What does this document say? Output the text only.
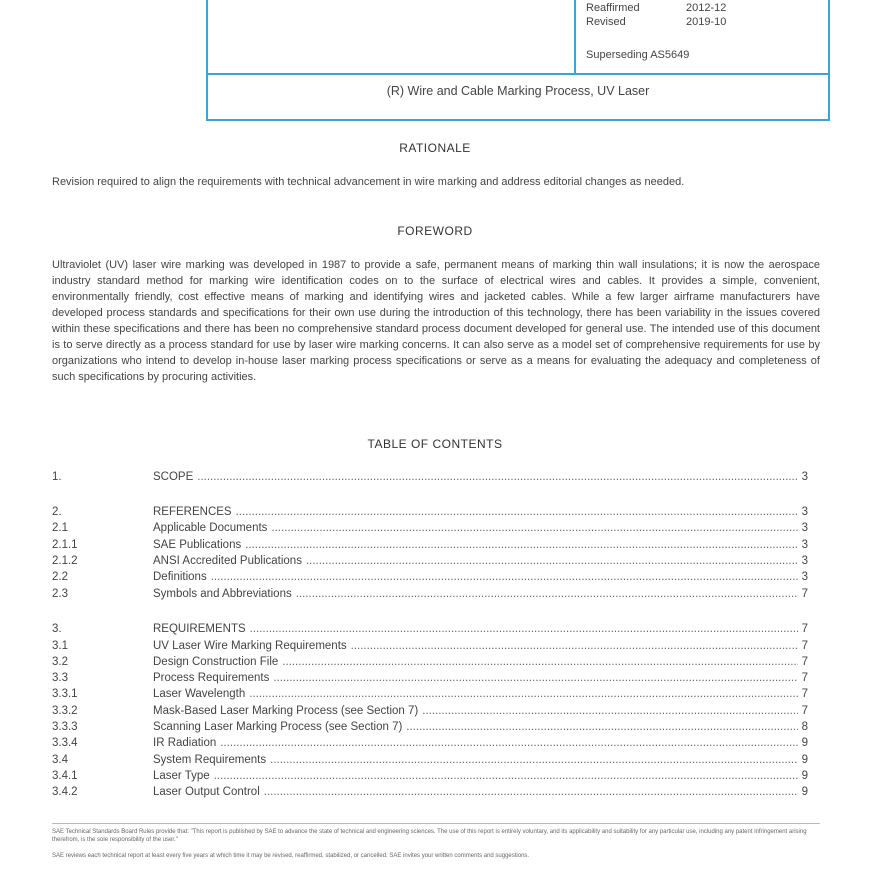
Reaffirmed	2012-12
Revised	2019-10
Superseding AS5649
(R) Wire and Cable Marking Process, UV Laser
RATIONALE
Revision required to align the requirements with technical advancement in wire marking and address editorial changes as needed.
FOREWORD
Ultraviolet (UV) laser wire marking was developed in 1987 to provide a safe, permanent means of marking thin wall insulations; it is now the aerospace industry standard method for marking wire identification codes on to the surface of electrical wires and cables. It provides a simple, convenient, environmentally friendly, cost effective means of marking and identifying wires and jacketed cables. While a few larger airframe manufacturers have developed process standards and specifications for their own use during the introduction of this technology, there has been variability in the issues covered within these specifications and there has been no comprehensive standard process document developed for general use. The intended use of this document is to serve directly as a process standard for use by laser wire marking concerns. It can also serve as a model set of comprehensive requirements for use by organizations who intend to develop in-house laser marking process specifications or serve as a means for evaluating the adequacy and completeness of such specifications by procuring activities.
TABLE OF CONTENTS
1.	SCOPE .....	3
2.	REFERENCES .....	3
2.1	Applicable Documents .....	3
2.1.1	SAE Publications .....	3
2.1.2	ANSI Accredited Publications .....	3
2.2	Definitions .....	3
2.3	Symbols and Abbreviations .....	7
3.	REQUIREMENTS .....	7
3.1	UV Laser Wire Marking Requirements .....	7
3.2	Design Construction File .....	7
3.3	Process Requirements .....	7
3.3.1	Laser Wavelength .....	7
3.3.2	Mask-Based Laser Marking Process (see Section 7) .....	7
3.3.3	Scanning Laser Marking Process (see Section 7) .....	8
3.3.4	IR Radiation .....	9
3.4	System Requirements .....	9
3.4.1	Laser Type .....	9
3.4.2	Laser Output Control .....	9
SAE Technical Standards Board Rules provide that: "This report is published by SAE to advance the state of technical and engineering sciences. The use of this report is entirely voluntary, and its applicability and suitability for any particular use, including any patent infringement arising therefrom, is the sole responsibility of the user."
SAE reviews each technical report at least every five years at which time it may be revised, reaffirmed, stabilized, or cancelled. SAE invites your written comments and suggestions.
